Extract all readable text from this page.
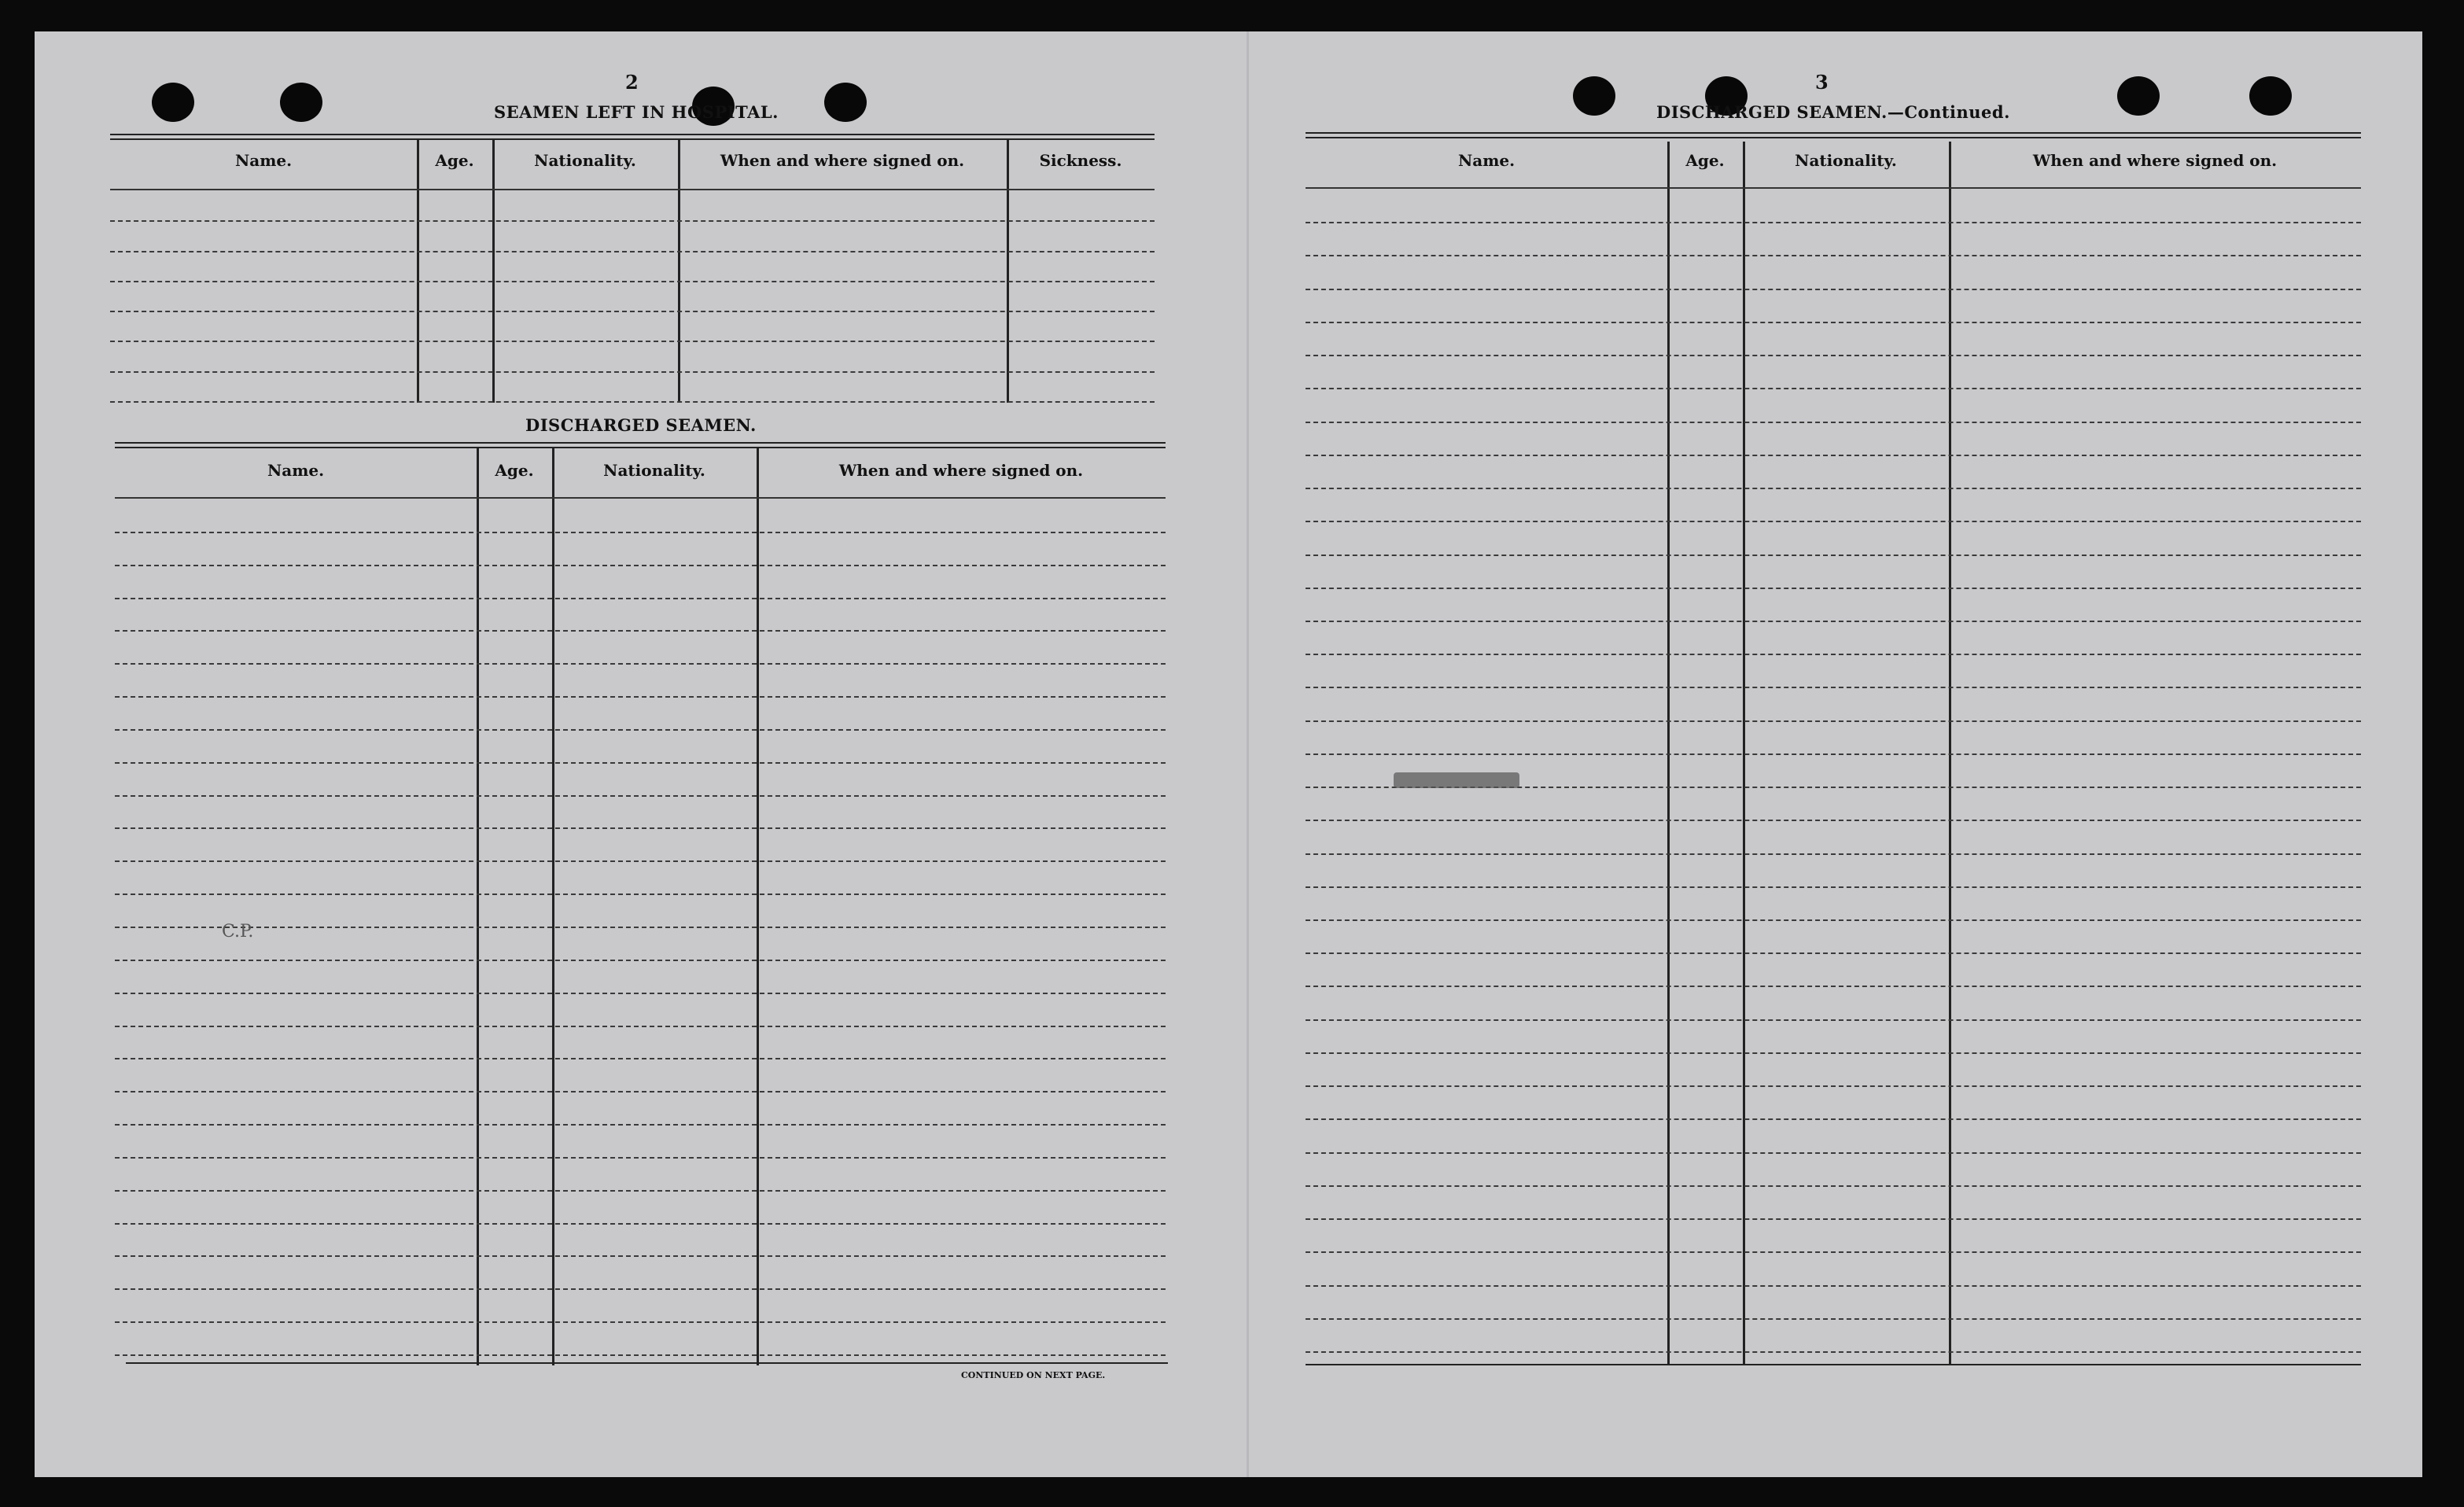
2
SEAMEN LEFT IN HOSPITAL.
Name.	Age.	Nationality.	When and where signed on.	Sickness.
DISCHARGED SEAMEN.
Name.	Age.	Nationality.	When and where signed on.
CONTINUED ON NEXT PAGE.
C.P.
3
DISCHARGED SEAMEN.—Continued.
Name.	Age.	Nationality.	When and where signed on.
